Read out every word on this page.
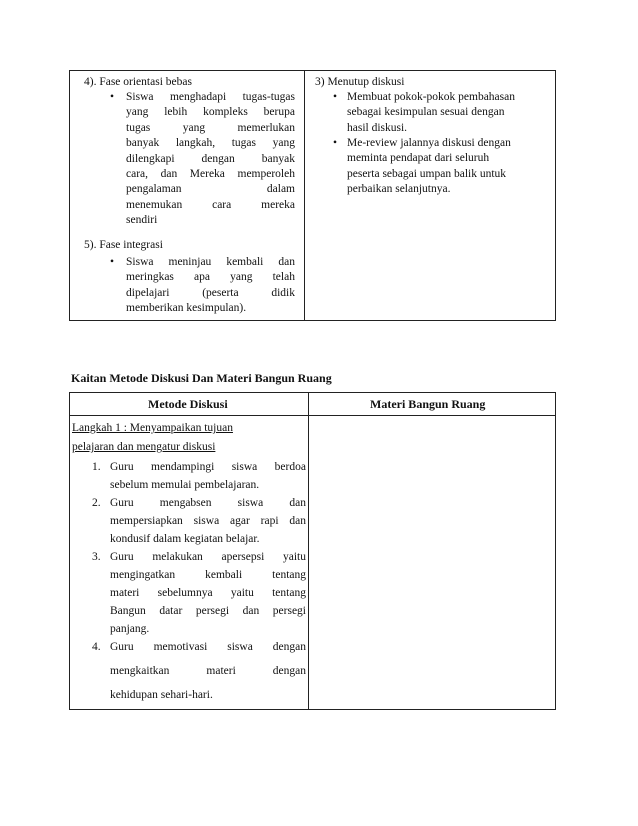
4). Fase orientasi bebas
• Siswa menghadapi tugas-tugas
yang lebih kompleks berupa
tugas	yang	memerlukan
banyak langkah, tugas yang
dilengkapi dengan banyak
cara, dan Mereka memperoleh
pengalaman	dalam
menemukan	cara	mereka
sendiri
5). Fase integrasi
• Siswa meninjau kembali dan
meringkas apa yang telah
dipelajari	(peserta	didik
memberikan kesimpulan).
3) Menutup diskusi
• Membuat pokok-pokok pembahasan
sebagai kesimpulan sesuai dengan
hasil diskusi.
• Me-review jalannya diskusi dengan
meminta pendapat dari seluruh
peserta sebagai umpan balik untuk
perbaikan selanjutnya.
Kaitan Metode Diskusi Dan Materi Bangun Ruang
Metode Diskusi	Materi Bangun Ruang
Langkah 1 : Menyampaikan tujuan
pelajaran dan mengatur diskusi
1. Guru mendampingi siswa berdoa
sebelum memulai pembelajaran.
2. Guru mengabsen siswa dan
mempersiapkan siswa agar rapi dan
kondusif dalam kegiatan belajar.
3. Guru melakukan apersepsi yaitu
mengingatkan	kembali	tentang
materi sebelumnya yaitu tentang
Bangun datar persegi dan persegi
panjang.
4. Guru memotivasi siswa dengan
mengkaitkan	materi	dengan
kehidupan sehari-hari.
